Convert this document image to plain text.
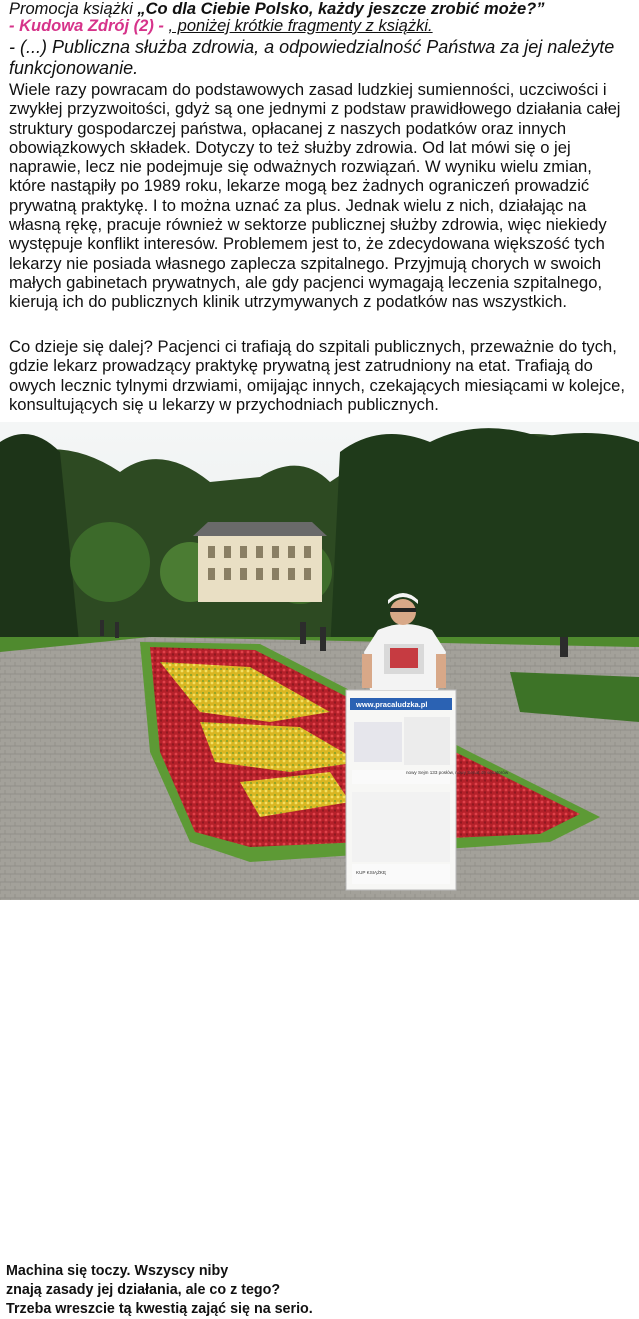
Promocja książki „Co dla Ciebie Polsko, każdy jeszcze zrobić może?”
- Kudowa Zdrój (2) - , poniżej krótkie fragmenty z książki.
- (...) Publiczna służba zdrowia, a odpowiedzialność Państwa za jej należyte funkcjonowanie.
Wiele razy powracam do podstawowych zasad ludzkiej sumienności, uczciwości i zwykłej przyzwoitości, gdyż są one jednymi z podstaw prawidłowego działania całej struktury gospodarczej państwa, opłacanej z naszych podatków oraz innych obowiązkowych składek. Dotyczy to też służby zdrowia. Od lat mówi się o jej naprawie, lecz nie podejmuje się odważnych rozwiązań. W wyniku wielu zmian, które nastąpiły po 1989 roku, lekarze mogą bez żadnych ograniczeń prowadzić prywatną praktykę. I to można uznać za plus. Jednak wielu z nich, działając na własną rękę, pracuje również w sektorze publicznej służby zdrowia, więc niekiedy występuje konflikt interesów. Problemem jest to, że zdecydowana większość tych lekarzy nie posiada własnego zaplecza szpitalnego. Przyjmują chorych w swoich małych gabinetach prywatnych, ale gdy pacjenci wymagają leczenia szpitalnego, kierują ich do publicznych klinik utrzymywanych z podatków nas wszystkich.
Co dzieje się dalej? Pacjenci ci trafiają do szpitali publicznych, przeważnie do tych, gdzie lekarz prowadzący praktykę prywatną jest zatrudniony na etat. Trafiają do owych lecznic tylnymi drzwiami, omijając innych, czekających miesiącami w kolejce, konsultujących się u lekarzy w przychodniach publicznych.
www.pracaludzka.pl
nowy Sejm 133 posłów, nowy Senat 49 senatorów
KUP KSIĄŻKĘ
Machina się toczy. Wszyscy niby
znają zasady jej działania, ale co z tego?
Trzeba wreszcie tą kwestią zająć się na serio.
